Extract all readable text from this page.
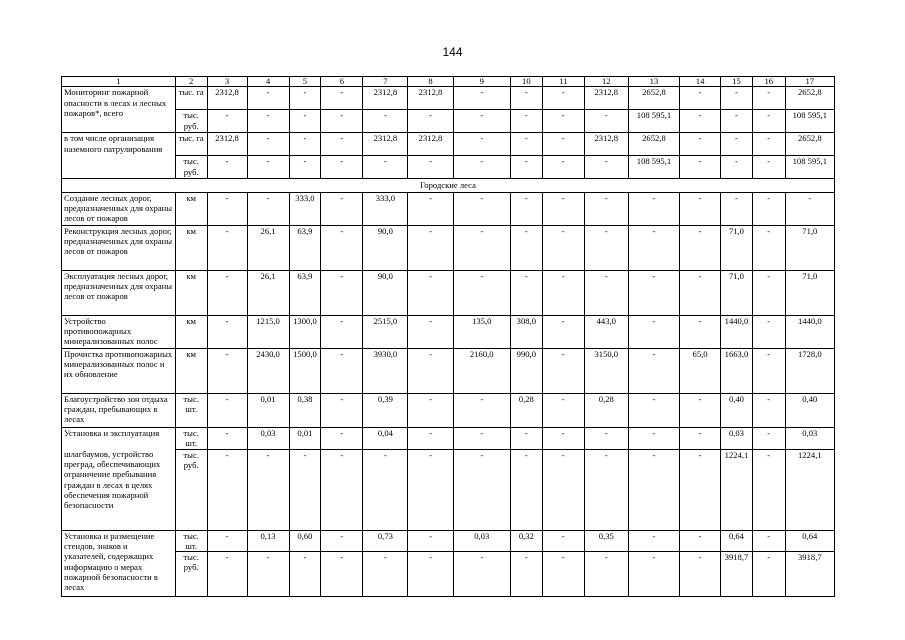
144
1	2	3	4	5	6	7	8	9	10	11	12	13	14	15	16	17
Мониторинг пожарной опасности в лесах и лесных пожаров*, всего	тыс. га	2312,8	-	-	-	2312,8	2312,8	-	-	-	2312,8	2652,8	-	-	-	2652,8
	тыс. руб.	-	-	-	-	-	-	-	-	-	-	108 595,1	-	-	-	108 595,1
в том числе организация наземного патрулирования	тыс. га	2312,8	-	-	-	2312,8	2312,8	-	-	-	2312,8	2652,8	-	-	-	2652,8
	тыс. руб.	-	-	-	-	-	-	-	-	-	-	108 595,1	-	-	-	108 595,1
Городские леса																
Создание лесных дорог, предназначенных для охраны лесов от пожаров	км	-	-	333,0	-	333,0	-	-	-	-	-	-	-	-	-	-
Реконструкция лесных дорог, предназначенных для охраны лесов от пожаров	км	-	26,1	63,9	-	90,0	-	-	-	-	-	-	-	71,0	-	71,0
Эксплуатация лесных дорог, предназначенных для охраны лесов от пожаров	км	-	26,1	63,9	-	90,0	-	-	-	-	-	-	-	71,0	-	71,0
Устройство противопожарных минерализованных полос	км	-	1215,0	1300,0	-	2515,0	-	135,0	308,0	-	443,0	-	-	1440,0	-	1440,0
Прочистка противопожарных минерализованных полос и их обновление	км	-	2430,0	1500,0	-	3930,0	-	2160,0	990,0	-	3150,0	-	65,0	1663,0	-	1728,0
Благоустройство зон отдыха граждан, пребывающих в лесах	тыс. шт.	-	0,01	0,38	-	0,39	-	-	0,28	-	0,28	-	-	0,40	-	0,40
Установка и эксплуатация	тыс. шт.	-	0,03	0,01	-	0,04	-	-	-	-	-	-	-	0,03	-	0,03
шлагбаумов, устройство преград, обеспечивающих ограничение пребывания граждан в лесах в целях обеспечения пожарной безопасности	тыс. руб.	-	-	-	-	-	-	-	-	-	-	-	-	1224,1	-	1224,1
Установка и размещение стендов, знаков и	тыс. шт.	-	0,13	0,60	-	0,73	-	0,03	0,32	-	0,35	-	-	0,64	-	0,64
указателей, содержащих информацию о мерах пожарной безопасности в лесах	тыс. руб.	-	-	-	-	-	-	-	-	-	-	-	-	3918,7	-	3918,7
